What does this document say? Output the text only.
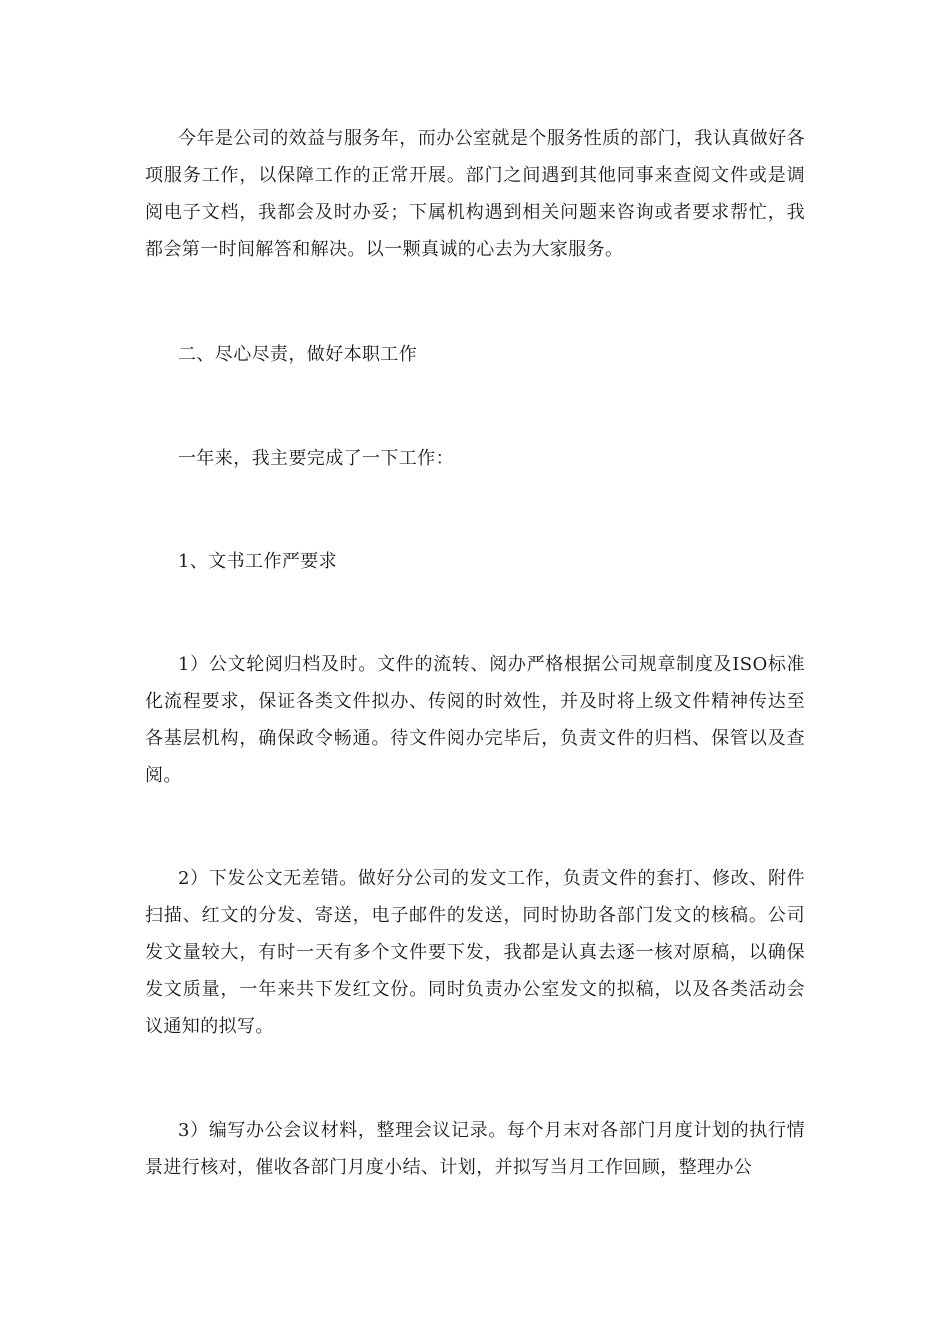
今年是公司的效益与服务年，而办公室就是个服务性质的部门，我认真做好各项服务工作，以保障工作的正常开展。部门之间遇到其他同事来查阅文件或是调阅电子文档，我都会及时办妥；下属机构遇到相关问题来咨询或者要求帮忙，我都会第一时间解答和解决。以一颗真诚的心去为大家服务。

二、尽心尽责，做好本职工作

一年来，我主要完成了一下工作：

1、文书工作严要求

1）公文轮阅归档及时。文件的流转、阅办严格根据公司规章制度及ISO标准化流程要求，保证各类文件拟办、传阅的时效性，并及时将上级文件精神传达至各基层机构，确保政令畅通。待文件阅办完毕后，负责文件的归档、保管以及查阅。

2）下发公文无差错。做好分公司的发文工作，负责文件的套打、修改、附件扫描、红文的分发、寄送，电子邮件的发送，同时协助各部门发文的核稿。公司发文量较大，有时一天有多个文件要下发，我都是认真去逐一核对原稿，以确保发文质量，一年来共下发红文份。同时负责办公室发文的拟稿，以及各类活动会议通知的拟写。

3）编写办公会议材料，整理会议记录。每个月末对各部门月度计划的执行情景进行核对，催收各部门月度小结、计划，并拟写当月工作回顾，整理办公
